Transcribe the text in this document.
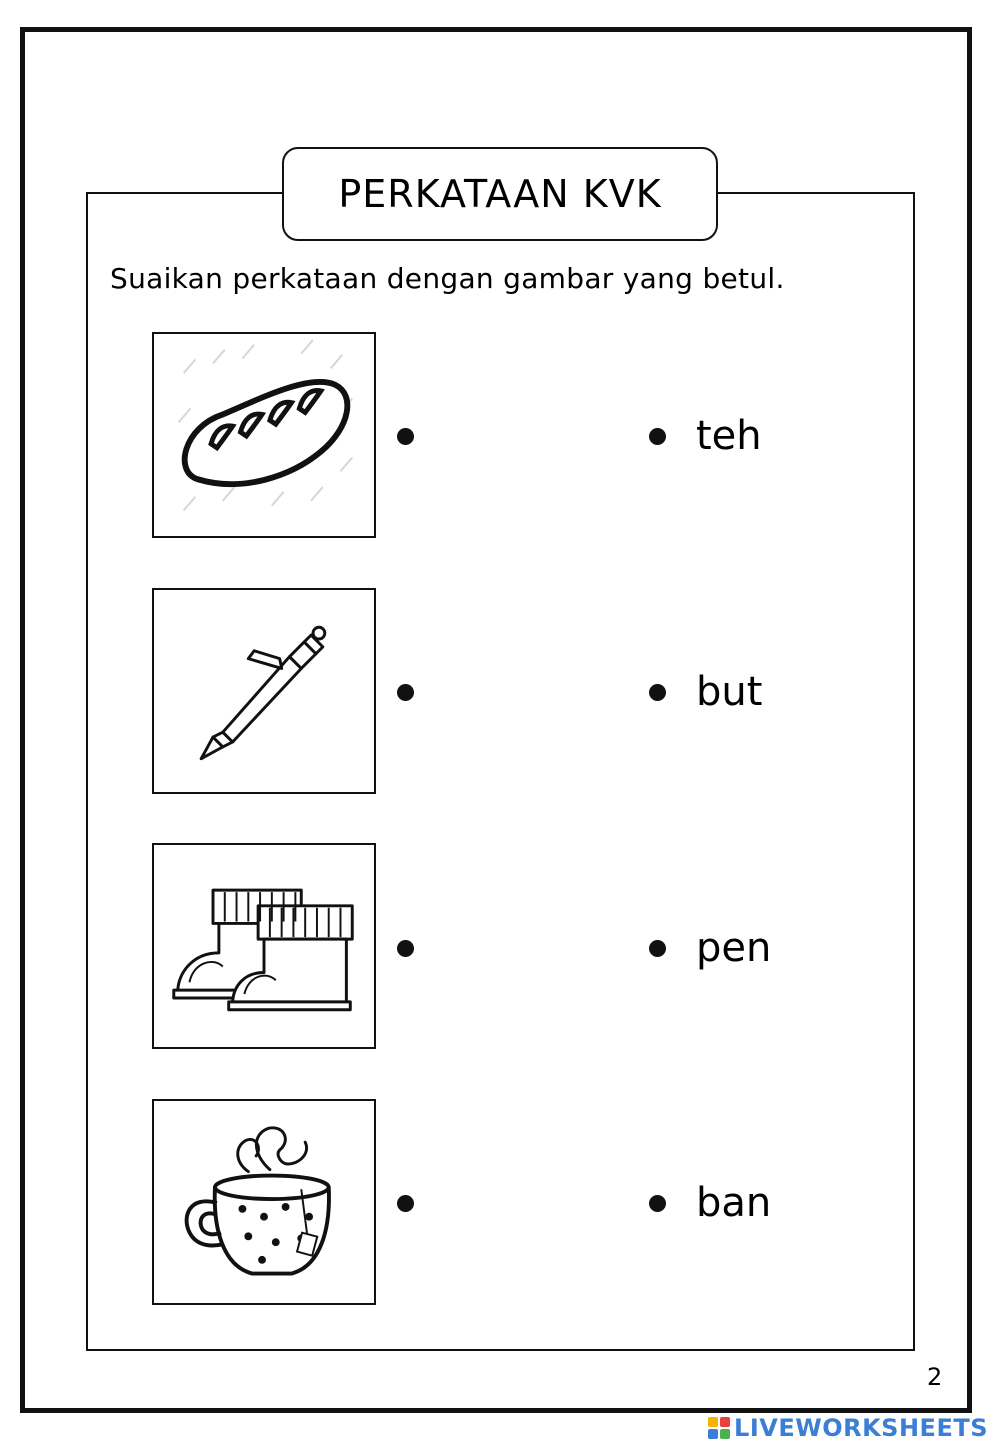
PERKATAAN KVK
Suaikan perkataan dengan gambar yang betul.
teh
but
pen
ban
2
LIVEWORKSHEETS
